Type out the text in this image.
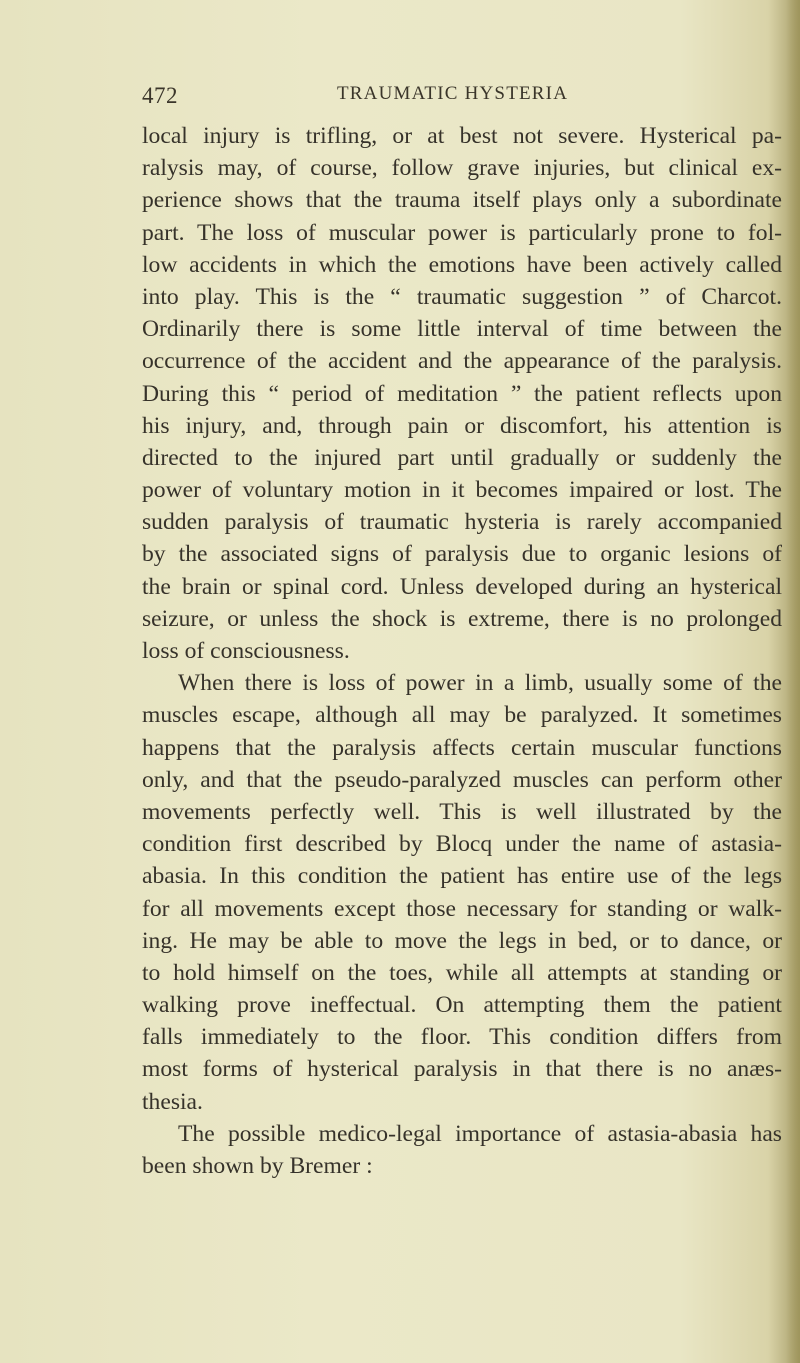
472	TRAUMATIC HYSTERIA
local injury is trifling, or at best not severe. Hysterical pa-
ralysis may, of course, follow grave injuries, but clinical ex-
perience shows that the trauma itself plays only a subordinate
part. The loss of muscular power is particularly prone to fol-
low accidents in which the emotions have been actively called
into play. This is the “ traumatic suggestion ” of Charcot.
Ordinarily there is some little interval of time between the
occurrence of the accident and the appearance of the paralysis.
During this “ period of meditation ” the patient reflects upon
his injury, and, through pain or discomfort, his attention is
directed to the injured part until gradually or suddenly the
power of voluntary motion in it becomes impaired or lost. The
sudden paralysis of traumatic hysteria is rarely accompanied
by the associated signs of paralysis due to organic lesions of
the brain or spinal cord. Unless developed during an hysterical
seizure, or unless the shock is extreme, there is no prolonged
loss of consciousness.
When there is loss of power in a limb, usually some of the
muscles escape, although all may be paralyzed. It sometimes
happens that the paralysis affects certain muscular functions
only, and that the pseudo-paralyzed muscles can perform other
movements perfectly well. This is well illustrated by the
condition first described by Blocq under the name of astasia-
abasia. In this condition the patient has entire use of the legs
for all movements except those necessary for standing or walk-
ing. He may be able to move the legs in bed, or to dance, or
to hold himself on the toes, while all attempts at standing or
walking prove ineffectual. On attempting them the patient
falls immediately to the floor. This condition differs from
most forms of hysterical paralysis in that there is no anæs-
thesia.
The possible medico-legal importance of astasia-abasia has
been shown by Bremer :
